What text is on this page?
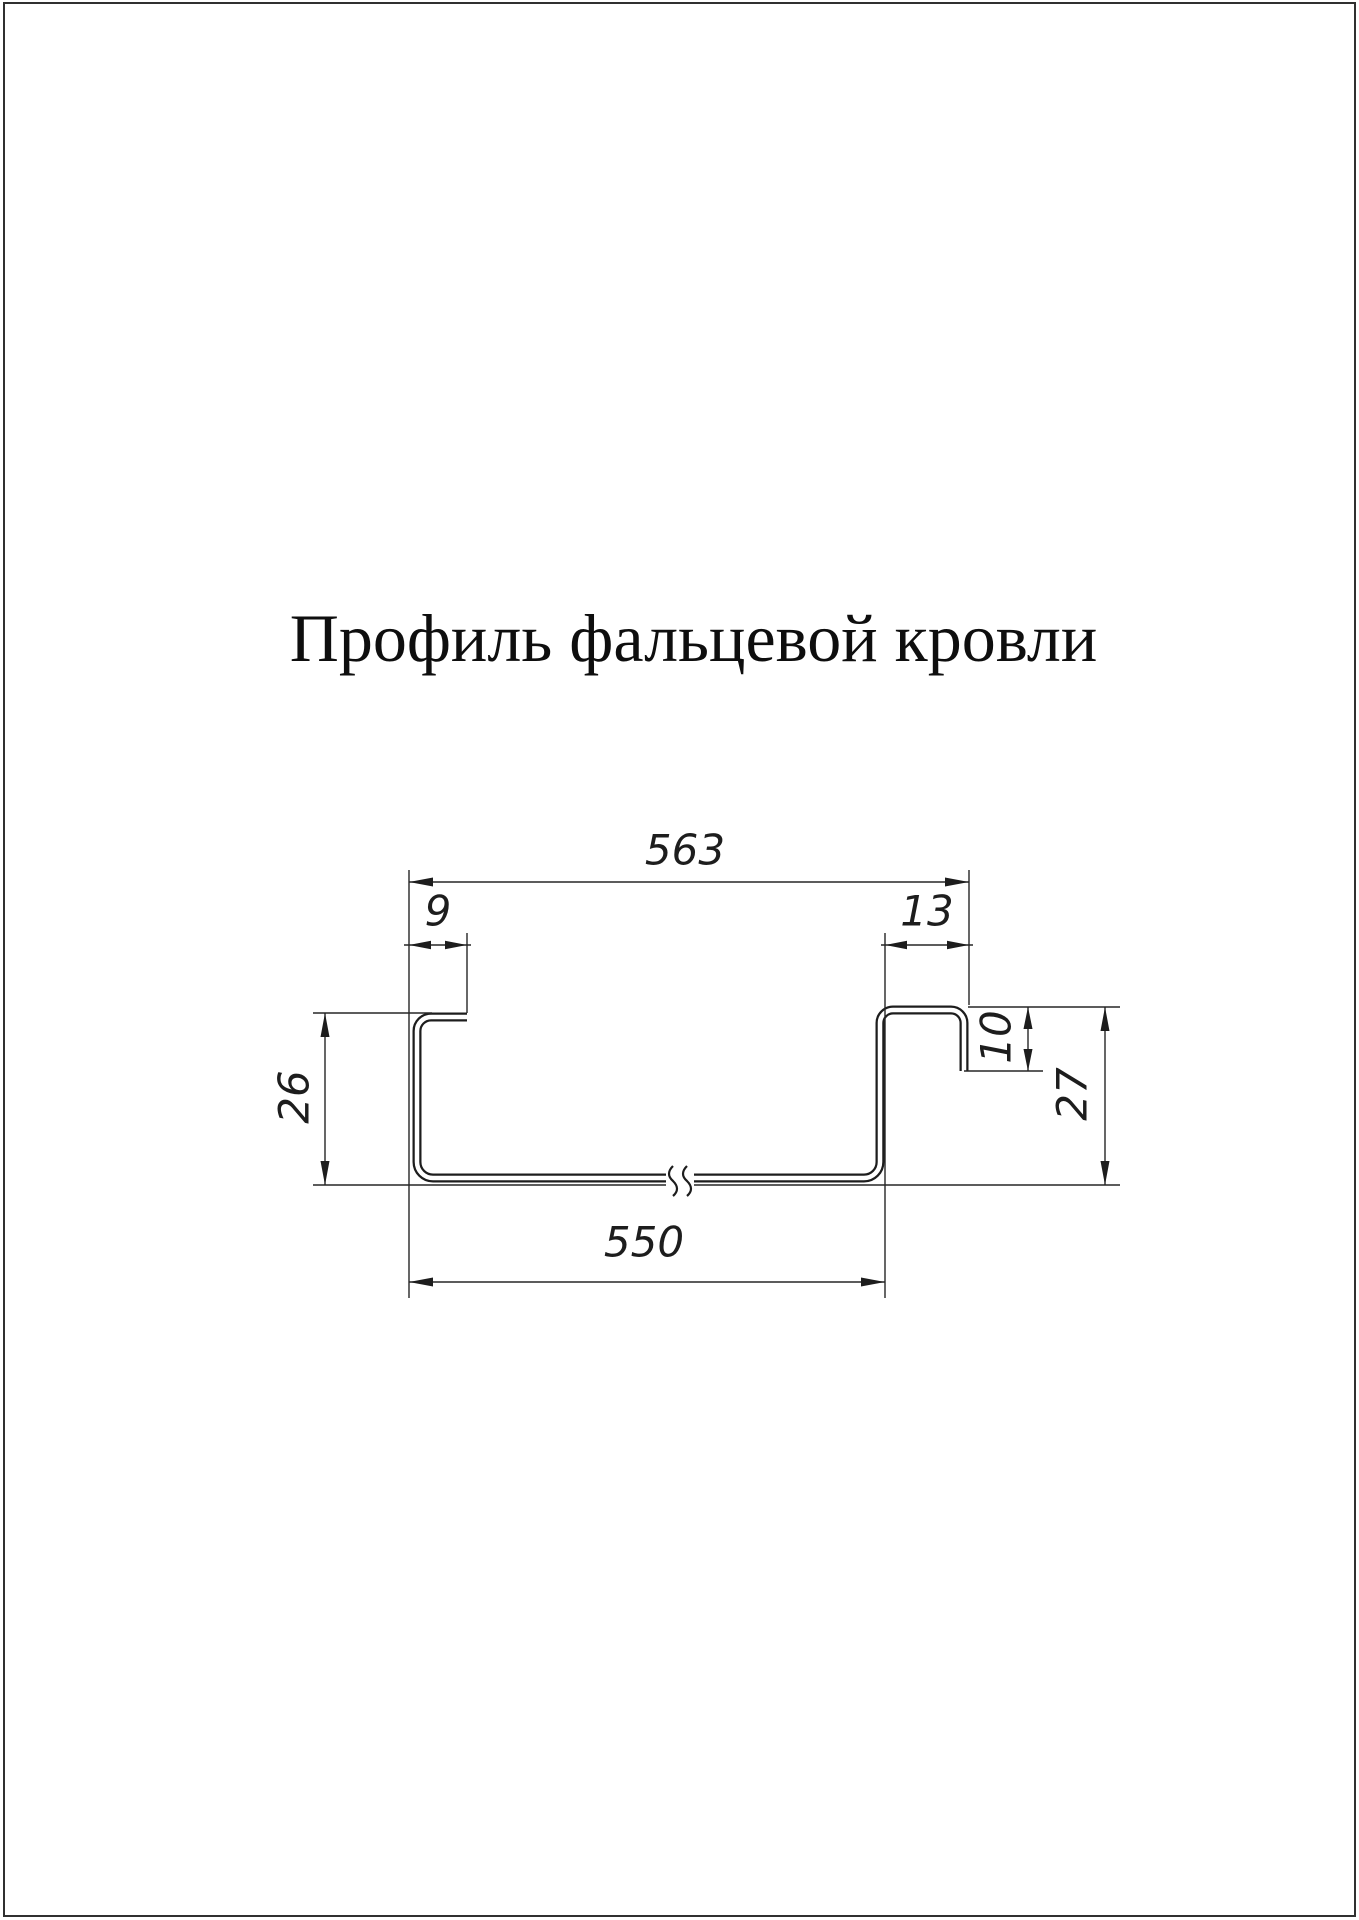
Профиль фальцевой кровли
563
9	13
26
10
27
550
